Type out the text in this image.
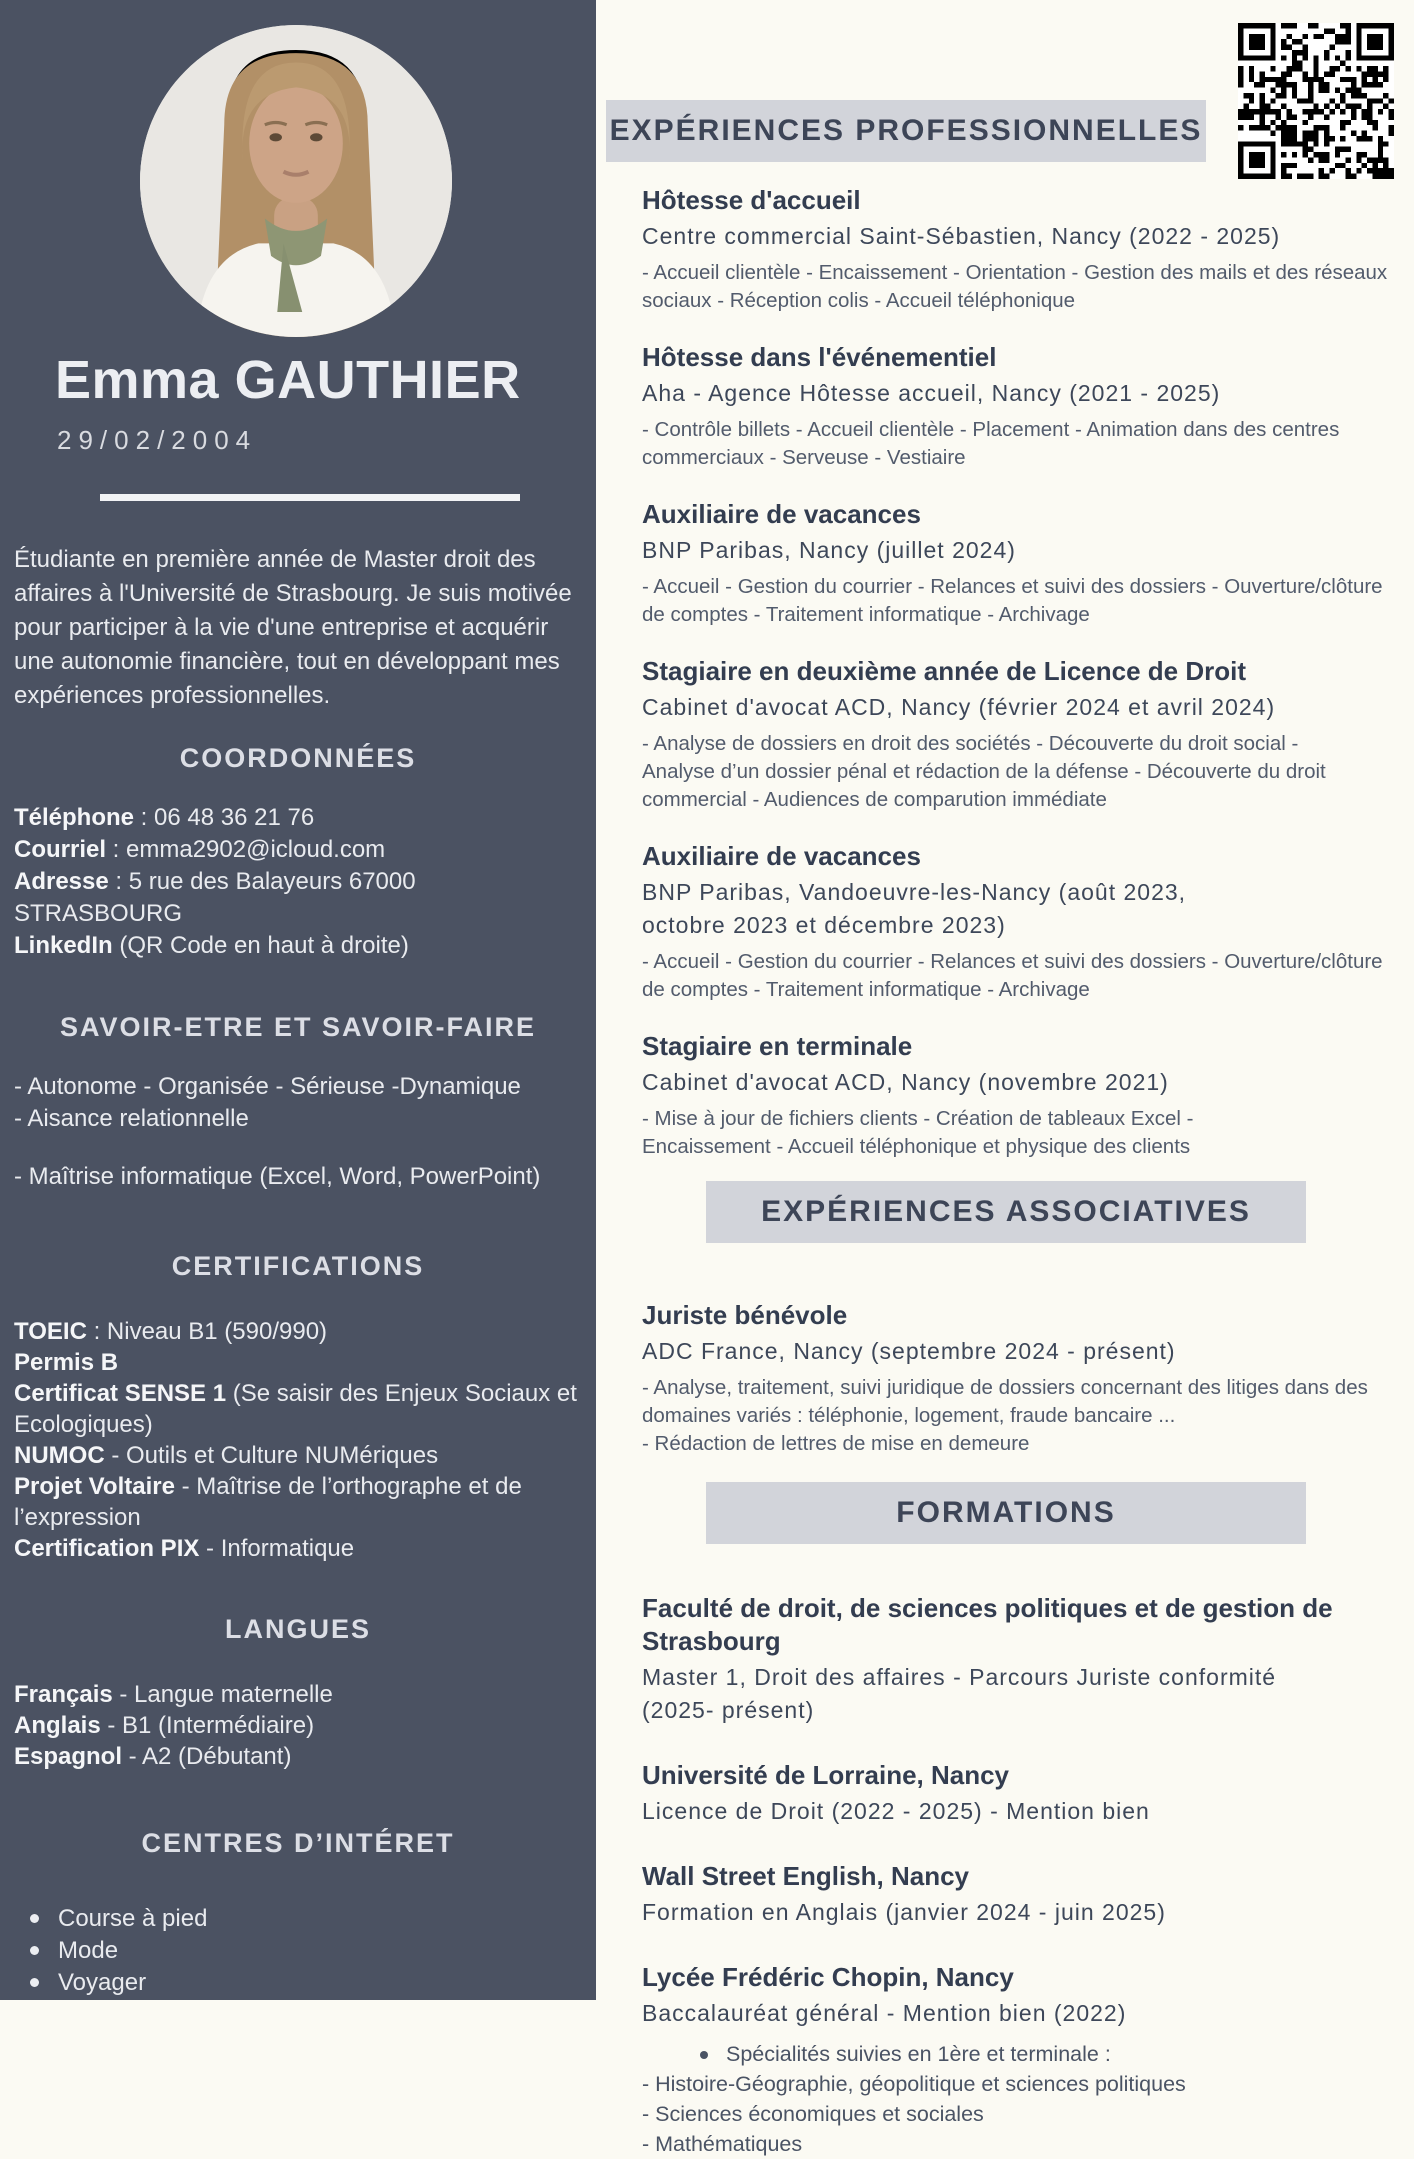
Emma GAUTHIER
29/02/2004

Étudiante en première année de Master droit des affaires à l'Université de Strasbourg. Je suis motivée pour participer à la vie d'une entreprise et acquérir une autonomie financière, tout en développant mes expériences professionnelles.

COORDONNÉES
Téléphone : 06 48 36 21 76
Courriel : emma2902@icloud.com
Adresse : 5 rue des Balayeurs 67000 STRASBOURG
LinkedIn (QR Code en haut à droite)
SAVOIR-ETRE ET SAVOIR-FAIRE
- Autonome - Organisée - Sérieuse -Dynamique
- Aisance relationnelle
- Maîtrise informatique (Excel, Word, PowerPoint)
CERTIFICATIONS
TOEIC : Niveau B1 (590/990)
Permis B
Certificat SENSE 1 (Se saisir des Enjeux Sociaux et Ecologiques)
NUMOC - Outils et Culture NUMériques
Projet Voltaire - Maîtrise de l’orthographe et de l’expression
Certification PIX - Informatique
LANGUES
Français - Langue maternelle
Anglais - B1 (Intermédiaire)
Espagnol - A2 (Débutant)
CENTRES D’INTÉRET
Course à pied
Mode
Voyager
EXPÉRIENCES PROFESSIONNELLES
Hôtesse d'accueil
Centre commercial Saint-Sébastien, Nancy (2022 - 2025)
- Accueil clientèle - Encaissement - Orientation - Gestion des mails et des réseaux sociaux - Réception colis - Accueil téléphonique
Hôtesse dans l'événementiel
Aha - Agence Hôtesse accueil, Nancy (2021 - 2025)
- Contrôle billets - Accueil clientèle - Placement - Animation dans des centres commerciaux - Serveuse - Vestiaire
Auxiliaire de vacances
BNP Paribas, Nancy (juillet 2024)
- Accueil - Gestion du courrier - Relances et suivi des dossiers - Ouverture/clôture de comptes - Traitement informatique - Archivage
Stagiaire en deuxième année de Licence de Droit
Cabinet d'avocat ACD, Nancy (février 2024 et avril 2024)
- Analyse de dossiers en droit des sociétés - Découverte du droit social -
Analyse d’un dossier pénal et rédaction de la défense - Découverte du droit
commercial - Audiences de comparution immédiate
Auxiliaire de vacances
BNP Paribas, Vandoeuvre-les-Nancy (août 2023,
octobre 2023 et décembre 2023)
- Accueil - Gestion du courrier - Relances et suivi des dossiers - Ouverture/clôture de comptes - Traitement informatique - Archivage
Stagiaire en terminale
Cabinet d'avocat ACD, Nancy (novembre 2021)
- Mise à jour de fichiers clients - Création de tableaux Excel -
Encaissement - Accueil téléphonique et physique des clients
EXPÉRIENCES ASSOCIATIVES
Juriste bénévole
ADC France, Nancy (septembre 2024 - présent)
- Analyse, traitement, suivi juridique de dossiers concernant des litiges dans des domaines variés : téléphonie, logement, fraude bancaire ...
- Rédaction de lettres de mise en demeure
FORMATIONS
Faculté de droit, de sciences politiques et de gestion de
Strasbourg
Master 1, Droit des affaires - Parcours Juriste conformité
(2025- présent)
Université de Lorraine, Nancy
Licence de Droit (2022 - 2025) - Mention bien
Wall Street English, Nancy
Formation en Anglais (janvier 2024 - juin 2025)
Lycée Frédéric Chopin, Nancy
Baccalauréat général - Mention bien (2022)
Spécialités suivies en 1ère et terminale :
- Histoire-Géographie, géopolitique et sciences politiques
- Sciences économiques et sociales
- Mathématiques
